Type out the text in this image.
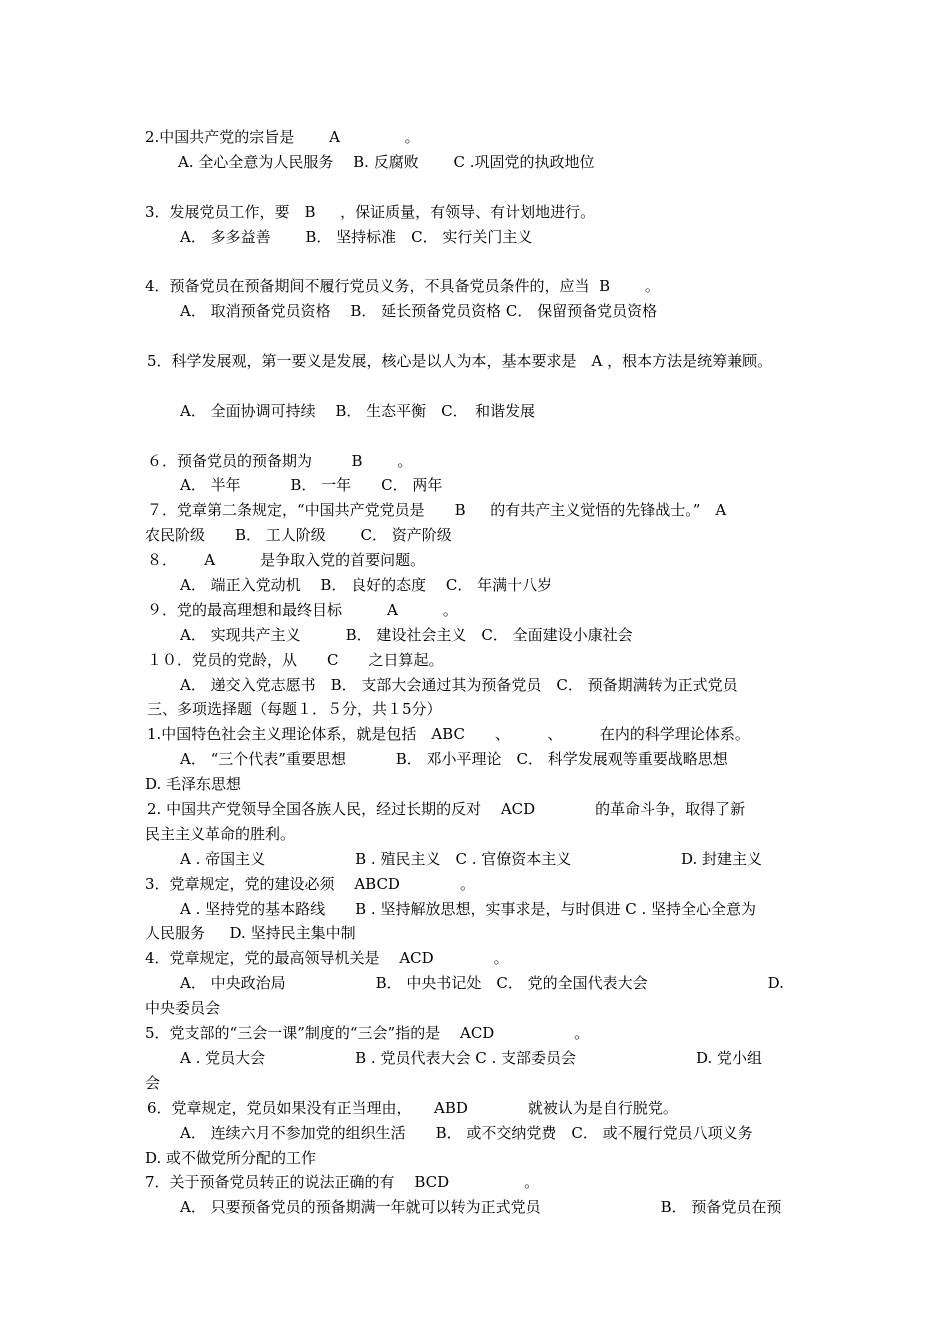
2.中国共产党的宗旨是　　 A　　　　 。
A. 全心全意为人民服务　 B. 反腐败　　 C .巩固党的执政地位
3．发展党员工作，要　B　  ，保证质量，有领导、有计划地进行。
A． 多多益善　　 B． 坚持标准　C． 实行关门主义
4．预备党员在预备期间不履行党员义务，不具备党员条件的，应当  B　　 。
A． 取消预备党员资格　 B． 延长预备党员资格 C． 保留预备党员资格
5．科学发展观，第一要义是发展，核心是以人为本，基本要求是　A ，根本方法是统筹兼顾。
A． 全面协调可持续　 B． 生态平衡　C．　和谐发展
６．预备党员的预备期为　　  B　　 。
A． 半年　　　 B． 一年　　C． 两年
７．党章第二条规定，“中国共产党党员是　　B　  的有共产主义觉悟的先锋战士。”　A
农民阶级　　B． 工人阶级　　 C． 资产阶级
８．　　 A　　　是争取入党的首要问题。
A． 端正入党动机　 B． 良好的态度　 C． 年满十八岁
９．党的最高理想和最终目标　　　A　　　。
A． 实现共产主义　　　B． 建设社会主义　C． 全面建设小康社会
１０．党员的党龄，从　　C　　之日算起。
A． 递交入党志愿书　B． 支部大会通过其为预备党员　C． 预备期满转为正式党员
三、多项选择题（每题１．５分，共１5分）
1.中国特色社会主义理论体系，就是包括　ABC　　、　　　、　　　在内的科学理论体系。
A． “三个代表”重要思想　　　 B． 邓小平理论　C． 科学发展观等重要战略思想
D. 毛泽东思想
2. 中国共产党领导全国各族人民，经过长期的反对　 ACD　　　　的革命斗争，取得了新
民主主义革命的胜利。
A . 帝国主义　　　　　　B . 殖民主义　C . 官僚资本主义　　　　　　　 D. 封建主义
3．党章规定，党的建设必须　 ABCD　　　　。
A . 坚持党的基本路线　　B . 坚持解放思想，实事求是，与时俱进 C . 坚持全心全意为
人民服务　  D. 坚持民主集中制
4．党章规定，党的最高领导机关是　 ACD　　　　。
A． 中央政治局　　　　　　B． 中央书记处　C． 党的全国代表大会　　　　　　　　D.
中央委员会
5．党支部的“三会一课”制度的“三会”指的是　 ACD　　　　　 。
A . 党员大会　　　　　　B . 党员代表大会 C . 支部委员会　　　　　　　　D. 党小组
会
6．党章规定，党员如果没有正当理由，　　ABD　　　　就被认为是自行脱党。
A． 连续六月不参加党的组织生活　　B． 或不交纳党费　C． 或不履行党员八项义务
D. 或不做党所分配的工作
7．关于预备党员转正的说法正确的有　 BCD　　　　　。
A． 只要预备党员的预备期满一年就可以转为正式党员　　　　　　　　B． 预备党员在预
